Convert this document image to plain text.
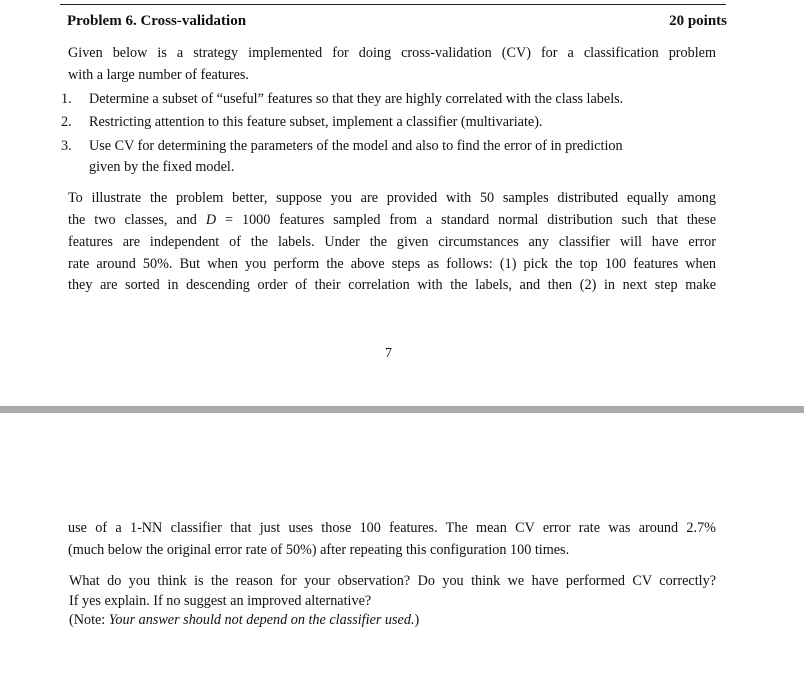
Problem 6. Cross-validation	20 points
Given below is a strategy implemented for doing cross-validation (CV) for a classification problem
with a large number of features.
1. Determine a subset of “useful” features so that they are highly correlated with the class labels.
2. Restricting attention to this feature subset, implement a classifier (multivariate).
3. Use CV for determining the parameters of the model and also to find the error of in prediction
given by the fixed model.
To illustrate the problem better, suppose you are provided with 50 samples distributed equally among
the two classes, and D = 1000 features sampled from a standard normal distribution such that these
features are independent of the labels. Under the given circumstances any classifier will have error
rate around 50%. But when you perform the above steps as follows: (1) pick the top 100 features when
they are sorted in descending order of their correlation with the labels, and then (2) in next step make
7
use of a 1-NN classifier that just uses those 100 features. The mean CV error rate was around 2.7%
(much below the original error rate of 50%) after repeating this configuration 100 times.
What do you think is the reason for your observation? Do you think we have performed CV correctly?
If yes explain. If no suggest an improved alternative?
(Note: Your answer should not depend on the classifier used.)
